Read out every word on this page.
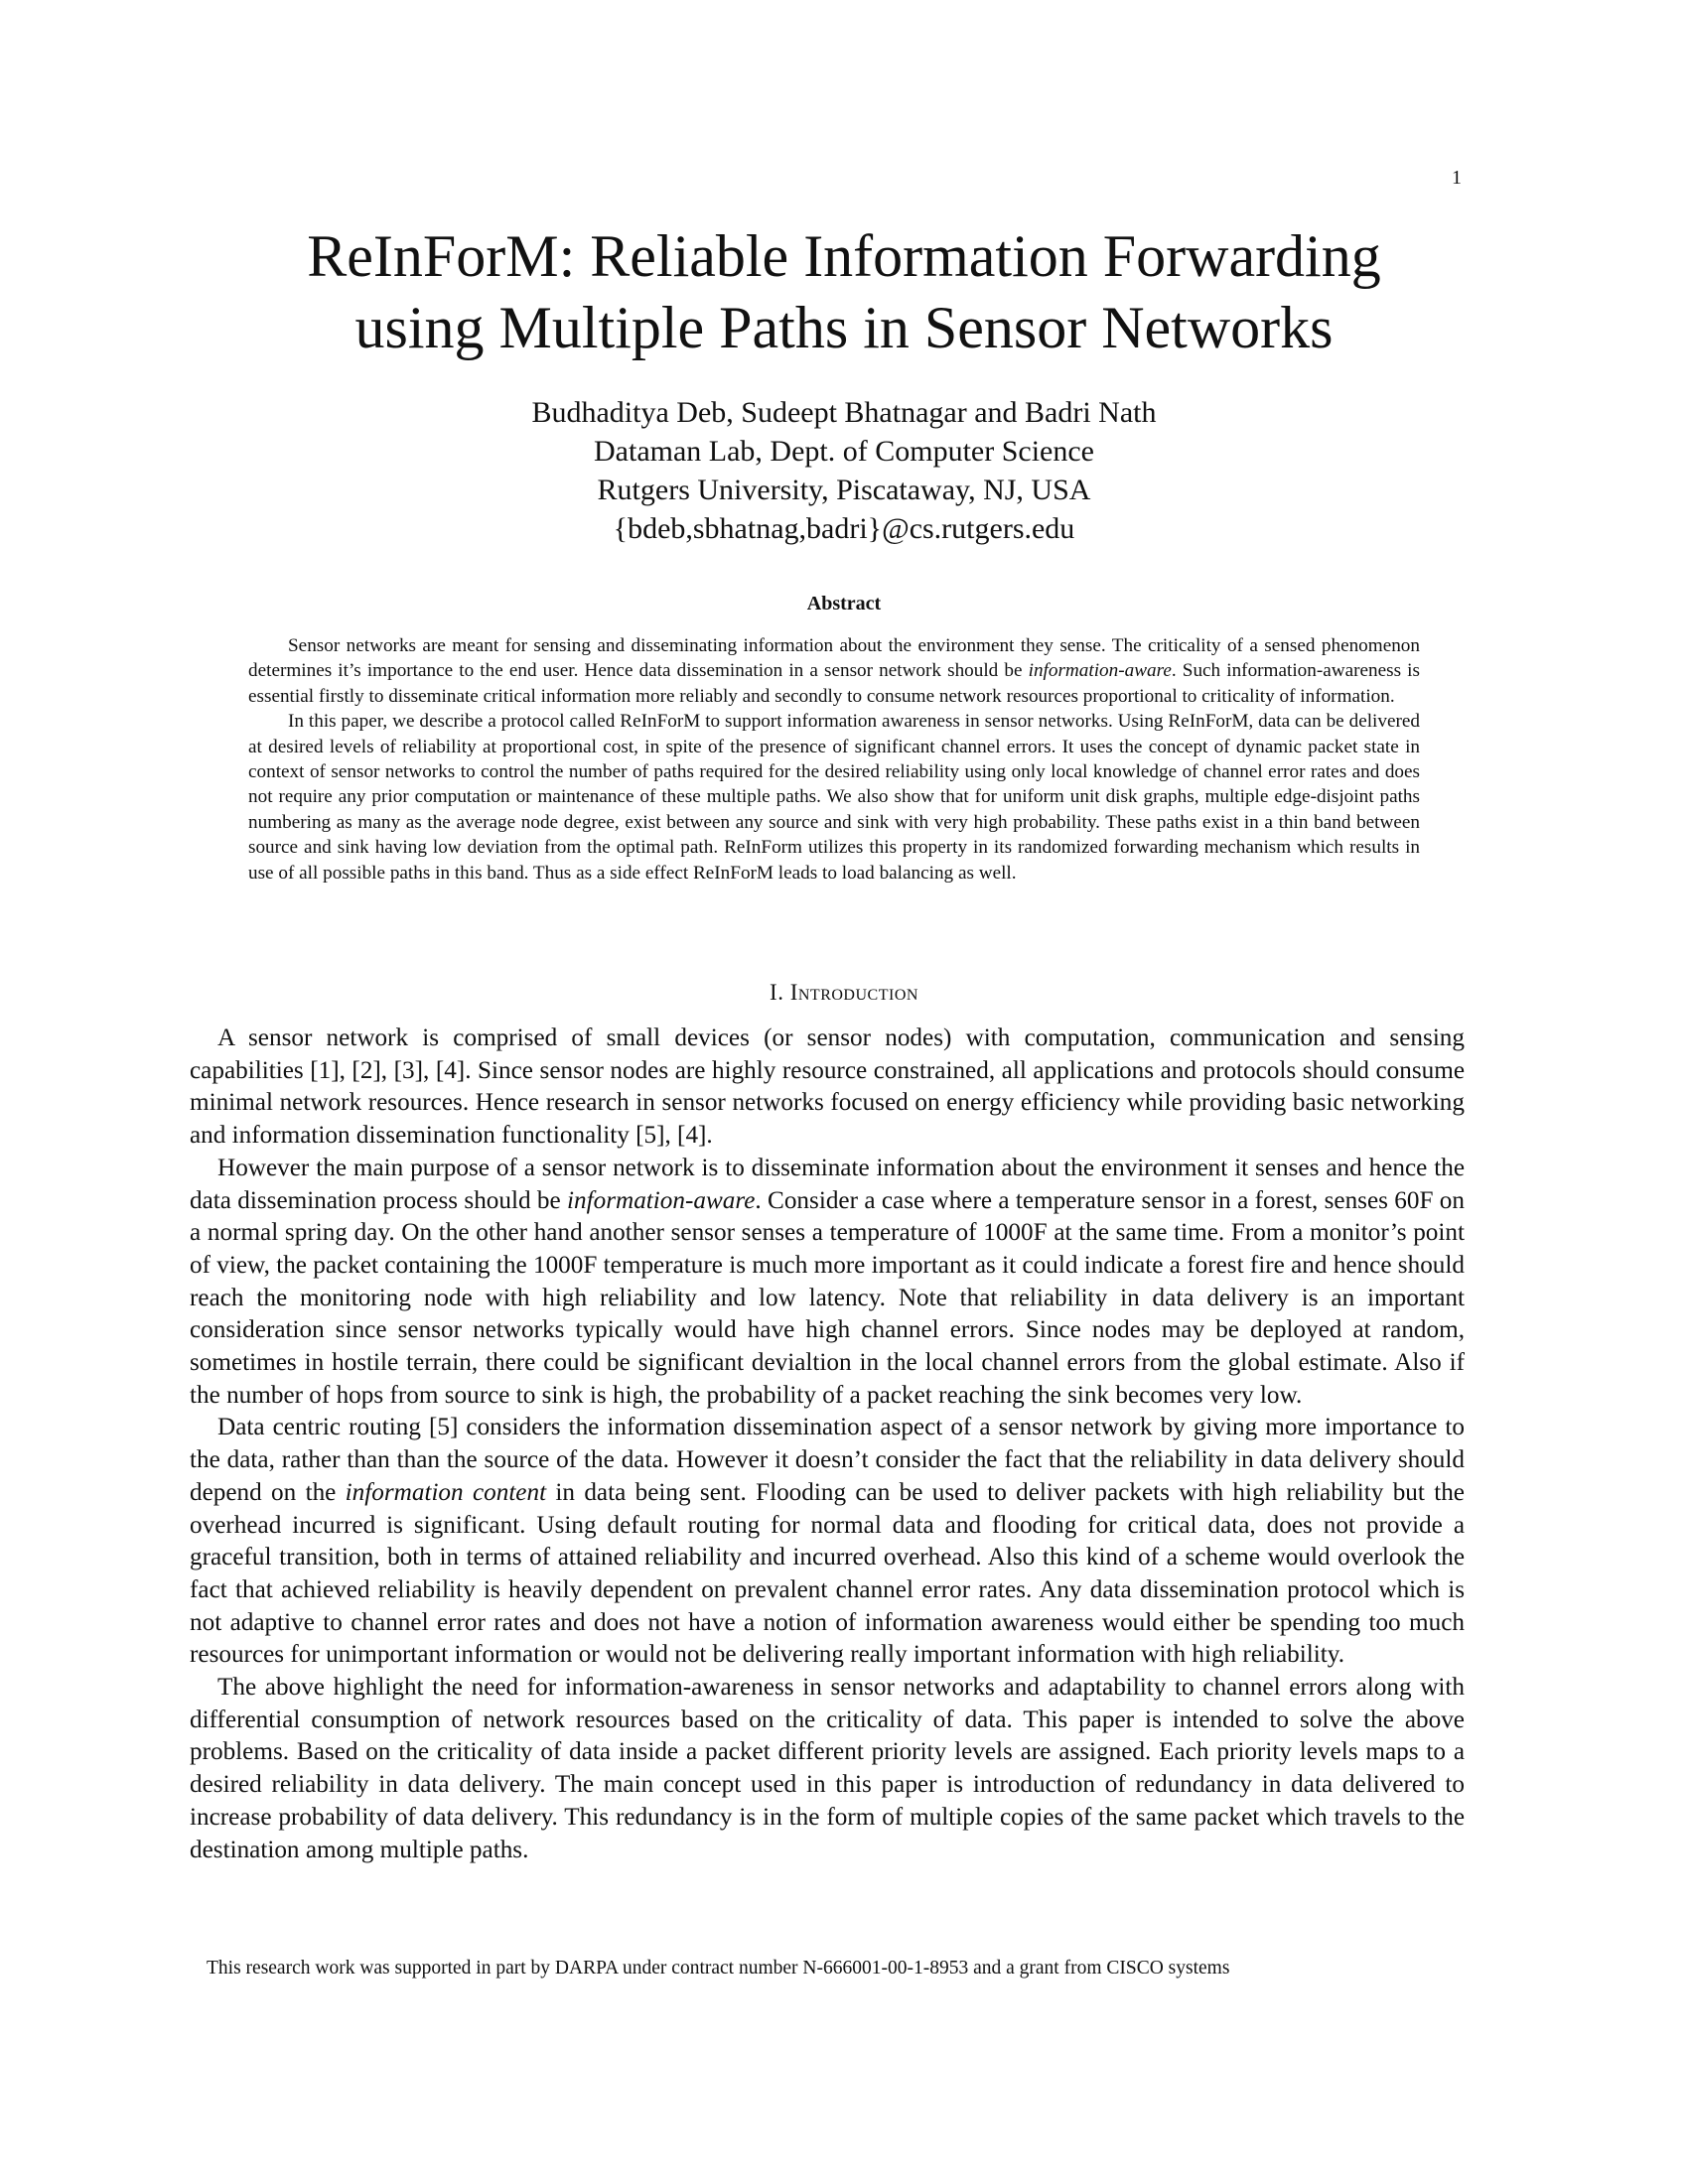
1
ReInForM: Reliable Information Forwarding
using Multiple Paths in Sensor Networks
Budhaditya Deb, Sudeept Bhatnagar and Badri Nath
Dataman Lab, Dept. of Computer Science
Rutgers University, Piscataway, NJ, USA
{bdeb,sbhatnag,badri}@cs.rutgers.edu
Abstract

Sensor networks are meant for sensing and disseminating information about the environment they sense. The criticality of a sensed phenomenon determines it’s importance to the end user. Hence data dissemination in a sensor network should be information-aware. Such information-awareness is essential firstly to disseminate critical information more reliably and secondly to consume network resources proportional to criticality of information.

In this paper, we describe a protocol called ReInForM to support information awareness in sensor networks. Using ReInForM, data can be delivered at desired levels of reliability at proportional cost, in spite of the presence of significant channel errors. It uses the concept of dynamic packet state in context of sensor networks to control the number of paths required for the desired reliability using only local knowledge of channel error rates and does not require any prior computation or maintenance of these multiple paths. We also show that for uniform unit disk graphs, multiple edge-disjoint paths numbering as many as the average node degree, exist between any source and sink with very high probability. These paths exist in a thin band between source and sink having low deviation from the optimal path. ReInForm utilizes this property in its randomized forwarding mechanism which results in use of all possible paths in this band. Thus as a side effect ReInForM leads to load balancing as well.

I. Introduction

A sensor network is comprised of small devices (or sensor nodes) with computation, communication and sensing capabilities [1], [2], [3], [4]. Since sensor nodes are highly resource constrained, all applications and protocols should consume minimal network resources. Hence research in sensor networks focused on energy efficiency while providing basic networking and information dissemination functionality [5], [4].

However the main purpose of a sensor network is to disseminate information about the environment it senses and hence the data dissemination process should be information-aware. Consider a case where a temperature sensor in a forest, senses 60F on a normal spring day. On the other hand another sensor senses a temperature of 1000F at the same time. From a monitor’s point of view, the packet containing the 1000F temperature is much more important as it could indicate a forest fire and hence should reach the monitoring node with high reliability and low latency. Note that reliability in data delivery is an important consideration since sensor networks typically would have high channel errors. Since nodes may be deployed at random, sometimes in hostile terrain, there could be significant devialtion in the local channel errors from the global estimate. Also if the number of hops from source to sink is high, the probability of a packet reaching the sink becomes very low.

Data centric routing [5] considers the information dissemination aspect of a sensor network by giving more importance to the data, rather than than the source of the data. However it doesn’t consider the fact that the reliability in data delivery should depend on the information content in data being sent. Flooding can be used to deliver packets with high reliability but the overhead incurred is significant. Using default routing for normal data and flooding for critical data, does not provide a graceful transition, both in terms of attained reliability and incurred overhead. Also this kind of a scheme would overlook the fact that achieved reliability is heavily dependent on prevalent channel error rates. Any data dissemination protocol which is not adaptive to channel error rates and does not have a notion of information awareness would either be spending too much resources for unimportant information or would not be delivering really important information with high reliability.

The above highlight the need for information-awareness in sensor networks and adaptability to channel errors along with differential consumption of network resources based on the criticality of data. This paper is intended to solve the above problems. Based on the criticality of data inside a packet different priority levels are assigned. Each priority levels maps to a desired reliability in data delivery. The main concept used in this paper is introduction of redundancy in data delivered to increase probability of data delivery. This redundancy is in the form of multiple copies of the same packet which travels to the destination among multiple paths.

This research work was supported in part by DARPA under contract number N-666001-00-1-8953 and a grant from CISCO systems
